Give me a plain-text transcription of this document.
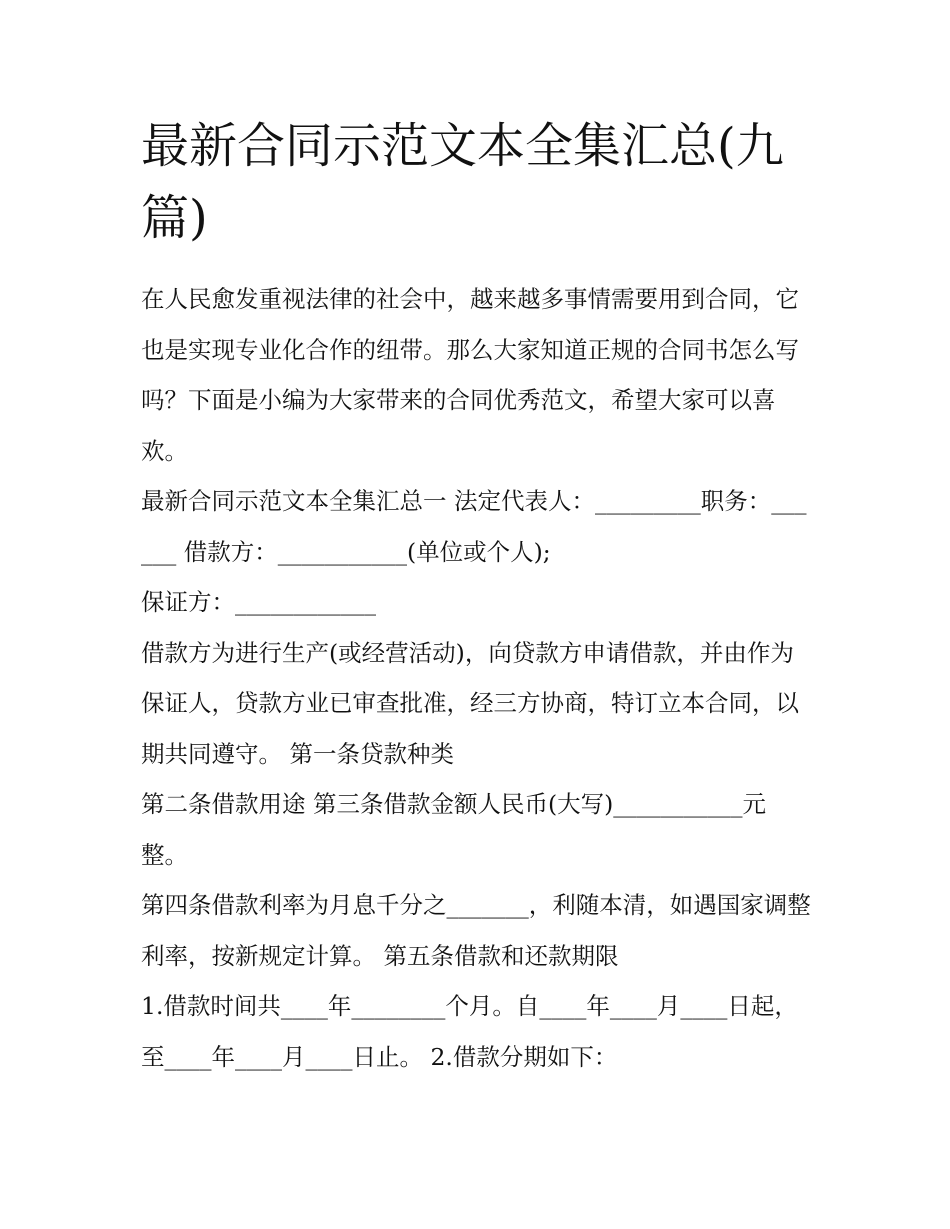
最新合同示范文本全集汇总(九篇)

在人民愈发重视法律的社会中，越来越多事情需要用到合同，它也是实现专业化合作的纽带。那么大家知道正规的合同书怎么写吗？下面是小编为大家带来的合同优秀范文，希望大家可以喜欢。

最新合同示范文本全集汇总一 法定代表人：_________职务：______ 借款方：___________(单位或个人);

保证方：____________

借款方为进行生产(或经营活动)，向贷款方申请借款，并由作为保证人，贷款方业已审查批准，经三方协商，特订立本合同，以期共同遵守。 第一条贷款种类

第二条借款用途 第三条借款金额人民币(大写)___________元整。

第四条借款利率为月息千分之_______，利随本清，如遇国家调整利率，按新规定计算。 第五条借款和还款期限

1.借款时间共____年________个月。自____年____月____日起，至____年____月____日止。 2.借款分期如下：
